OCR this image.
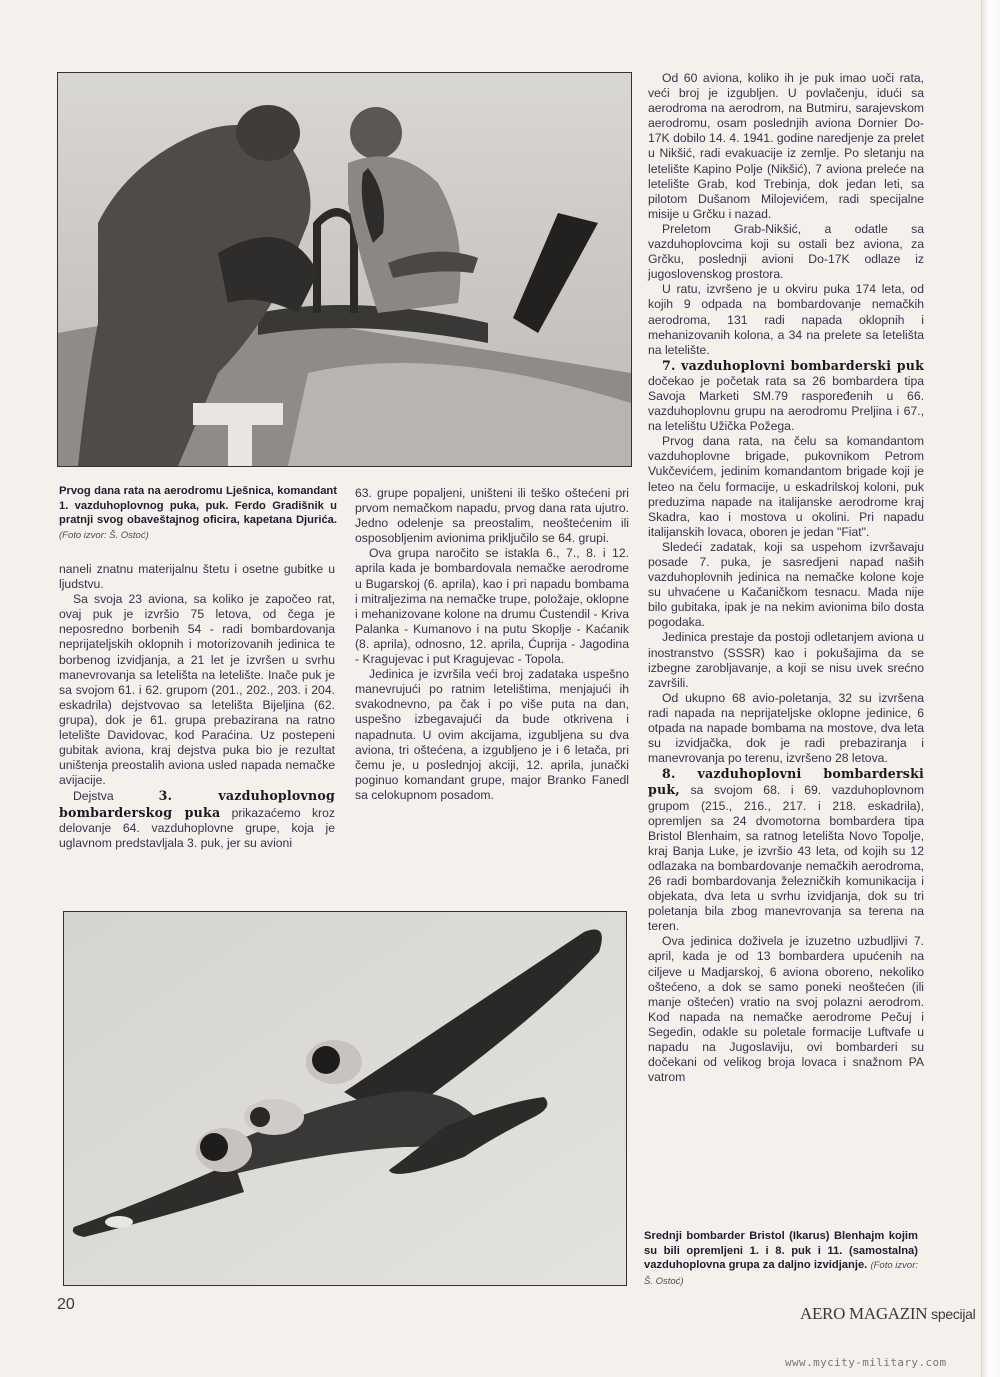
Prvog dana rata na aerodromu Lješnica, komandant 1. vazduhoplovnog puka, puk. Ferdo Gradišnik u pratnji svog obaveštajnog oficira, kapetana Djurića. (Foto izvor: Š. Ostoć)

naneli znatnu materijalnu štetu i osetne gubitke u ljudstvu.

Sa svoja 23 aviona, sa koliko je započeo rat, ovaj puk je izvršio 75 letova, od čega je neposredno borbenih 54 - radi bombardovanja neprijateljskih oklopnih i motorizovanih jedinica te borbenog izvidjanja, a 21 let je izvršen u svrhu manevrovanja sa letelišta na letelište. Inače puk je sa svojom 61. i 62. grupom (201., 202., 203. i 204. eskadrila) dejstvovao sa letelišta Bijeljina (62. grupa), dok je 61. grupa prebazirana na ratno letelište Davidovac, kod Paraćina. Uz postepeni gubitak aviona, kraj dejstva puka bio je rezultat uništenja preostalih aviona usled napada nemačke avijacije.

Dejstva	3. vazduhoplovnog bombarderskog puka prikazaćemo kroz delovanje 64. vazduhoplovne grupe, koja je uglavnom predstavljala 3. puk, jer su avioni

63. grupe popaljeni, uništeni ili teško oštećeni pri prvom nemačkom napadu, prvog dana rata ujutro. Jedno odelenje sa preostalim, neoštećenim ili osposobljenim avionima priključilo se 64. grupi.

Ova grupa naročito se istakla 6., 7., 8. i 12. aprila kada je bombardovala nemačke aerodrome u Bugarskoj (6. aprila), kao i pri napadu bombama i mitraljezima na nemačke trupe, položaje, oklopne i mehanizovane kolone na drumu Ćustendil - Kriva Palanka - Kumanovo i na putu Skoplje - Kaćanik (8. aprila), odnosno, 12. aprila, Ćuprija - Jagodina - Kragujevac i put Kragujevac - Topola.

Jedinica je izvršila veći broj zadataka uspešno manevrujući po ratnim letelištima, menjajući ih svakodnevno, pa čak i po više puta na dan, uspešno izbegavajući da bude otkrivena i napadnuta. U ovim akcijama, izgubljena su dva aviona, tri oštećena, a izgubljeno je i 6 letača, pri čemu je, u poslednjoj akciji, 12. aprila, junački poginuo komandant grupe, major Branko Fanedl sa celokupnom posadom.

Od 60 aviona, koliko ih je puk imao uoči rata, veći broj je izgubljen. U povlačenju, idući sa aerodroma na aerodrom, na Butmiru, sarajevskom aerodromu, osam poslednjih aviona Dornier Do-17K dobilo 14. 4. 1941. godine naredjenje za prelet u Nikšić, radi evakuacije iz zemlje. Po sletanju na letelište Kapino Polje (Nikšić), 7 aviona preleće na letelište Grab, kod Trebinja, dok jedan leti, sa pilotom Dušanom Milojevićem, radi specijalne misije u Grčku i nazad.

Preletom Grab-Nikšić, a odatle sa vazduhoplovcima koji su ostali bez aviona, za Grčku, poslednji avioni Do-17K odlaze iz jugoslovenskog prostora.

U ratu, izvršeno je u okviru puka 174 leta, od kojih 9 odpada na bombardovanje nemačkih aerodroma, 131 radi napada oklopnih i mehanizovanih kolona, a 34 na prelete sa letelišta na letelište.

7. vazduhoplovni bombarderski puk dočekao je početak rata sa 26 bombardera tipa Savoja Marketi SM.79 raspoređenih u 66. vazduhoplovnu grupu na aerodromu Preljina i 67., na letelištu Užička Požega.

Prvog dana rata, na čelu sa komandantom vazduhoplovne brigade, pukovnikom Petrom Vukčevićem, jedinim komandantom brigade koji je leteo na čelu formacije, u eskadrilskoj koloni, puk preduzima napade na italijanske aerodrome kraj Skadra, kao i mostova u okolini. Pri napadu italijanskih lovaca, oboren je jedan "Fiat".

Sledeći zadatak, koji sa uspehom izvršavaju posade 7. puka, je sasredjeni napad naših vazduhoplovnih jedinica na nemačke kolone koje su uhvaćene u Kačaničkom tesnacu. Mada nije bilo gubitaka, ipak je na nekim avionima bilo dosta pogodaka.

Jedinica prestaje da postoji odletanjem aviona u inostranstvo (SSSR) kao i pokušajima da se izbegne zarobljavanje, a koji se nisu uvek srećno završili.

Od ukupno 68 avio-poletanja, 32 su izvršena radi napada na neprijateljske oklopne jedinice, 6 otpada na napade bombama na mostove, dva leta su izvidjačka, dok je radi prebaziranja i manevrovanja po terenu, izvršeno 28 letova.

8. vazduhoplovni bombarderski puk, sa svojom 68. i 69. vazduhoplovnom grupom (215., 216., 217. i 218. eskadrila), opremljen sa 24 dvomotorna bombardera tipa Bristol Blenhaim, sa ratnog letelišta Novo Topolje, kraj Banja Luke, je izvršio 43 leta, od kojih su 12 odlazaka na bombardovanje nemačkih aerodroma, 26 radi bombardovanja železničkih komunikacija i objekata, dva leta u svrhu izvidjanja, dok su tri poletanja bila zbog manevrovanja sa terena na teren.

Ova jedinica doživela je izuzetno uzbudljivi 7. april, kada je od 13 bombardera upućenih na ciljeve u Madjarskoj, 6 aviona oboreno, nekoliko oštećeno, a dok se samo poneki neoštećen (ili manje oštećen) vratio na svoj polazni aerodrom. Kod napada na nemačke aerodrome Pečuj i Segedin, odakle su poletale formacije Luftvafe u napadu na Jugoslaviju, ovi bombarderi su dočekani od velikog broja lovaca i snažnom PA vatrom

Srednji bombarder Bristol (Ikarus) Blenhajm kojim su bili opremljeni 1. i 8. puk i 11. (samostalna) vazduhoplovna grupa za daljno izvidjanje. (Foto izvor: Š. Ostoć)
20	AERO MAGAZIN specijal
www.mycity-military.com
